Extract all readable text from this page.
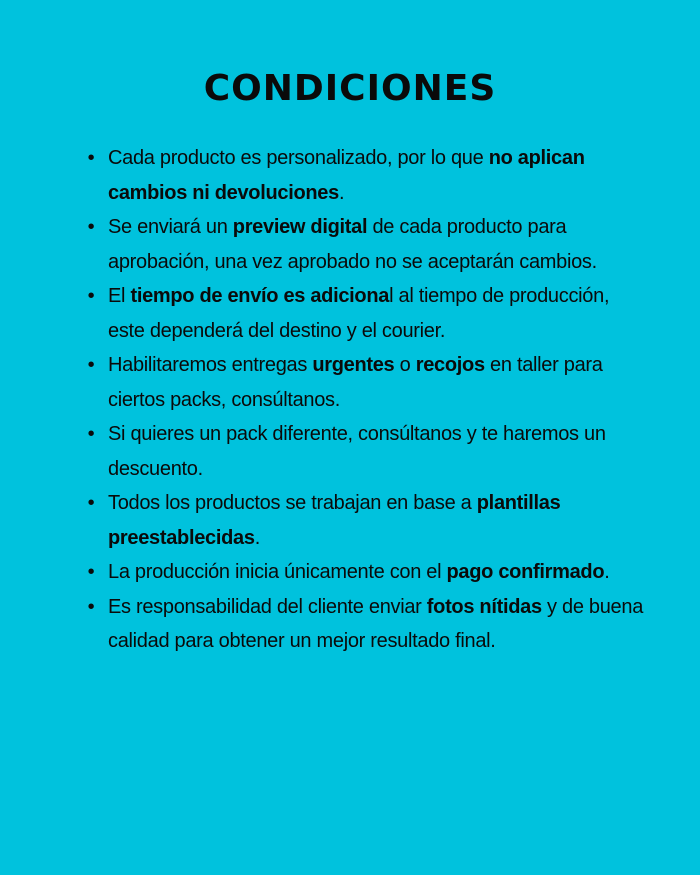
CONDICIONES
• Cada producto es personalizado, por lo que no aplican cambios ni devoluciones.
• Se enviará un preview digital de cada producto para aprobación, una vez aprobado no se aceptarán cambios.
• El tiempo de envío es adicional al tiempo de producción, este dependerá del destino y el courier.
• Habilitaremos entregas urgentes o recojos en taller para ciertos packs, consúltanos.
• Si quieres un pack diferente, consúltanos y te haremos un descuento.
• Todos los productos se trabajan en base a plantillas preestablecidas.
• La producción inicia únicamente con el pago confirmado.
• Es responsabilidad del cliente enviar fotos nítidas y de buena calidad para obtener un mejor resultado final.
